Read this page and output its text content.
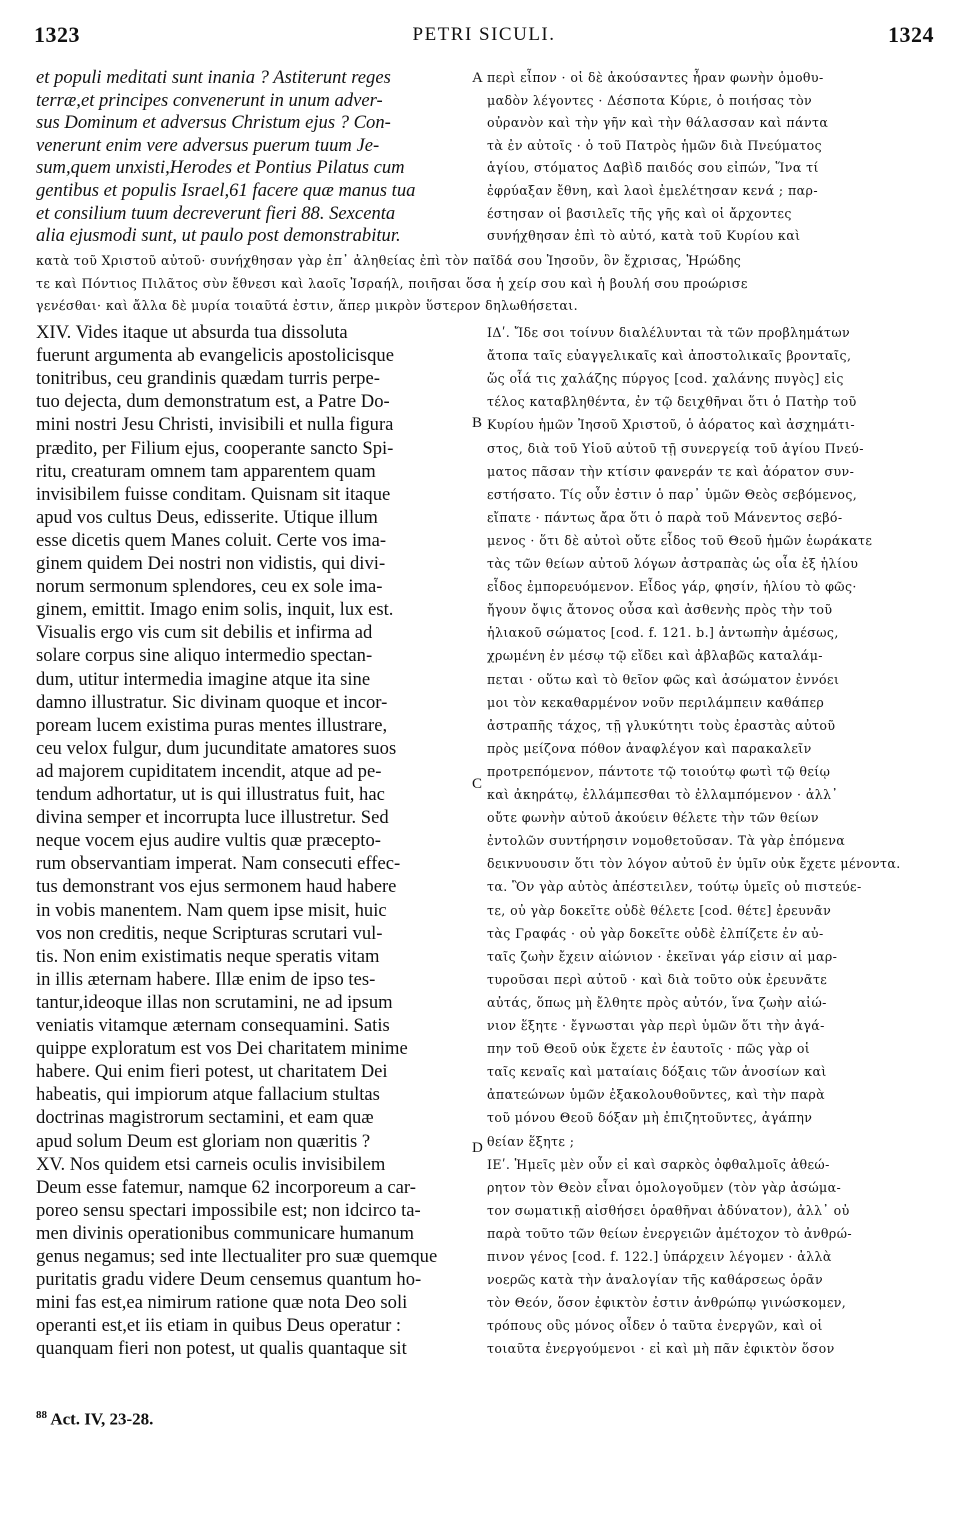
1323	PETRI SICULI.	1324
et populi meditati sunt inania ? Astiterunt reges
terræ,et principes convenerunt in unum adver-
sus Dominum et adversus Christum ejus ? Con-
venerunt enim vere adversus puerum tuum Je-
sum,quem unxisti,Herodes et Pontius Pilatus cum
gentibus et populis Israel,61 facere quæ manus tua
et consilium tuum decreverunt fieri 88. Sexcenta
alia ejusmodi sunt, ut paulo post demonstrabitur.
περὶ εἶπον · οἱ δὲ ἀκούσαντες ἦραν φωνὴν ὁμοθυ-
μαδὸν λέγοντες · Δέσποτα Κύριε, ὁ ποιήσας τὸν
οὐρανὸν καὶ τὴν γῆν καὶ τὴν θάλασσαν καὶ πάντα
τὰ ἐν αὐτοῖς · ὁ τοῦ Πατρὸς ἡμῶν διὰ Πνεύματος
ἁγίου, στόματος Δαβὶδ παιδός σου εἰπών, Ἵνα τί
ἐφρύαξαν ἔθνη, καὶ λαοὶ ἐμελέτησαν κενά ; παρ-
έστησαν οἱ βασιλεῖς τῆς γῆς καὶ οἱ ἄρχοντες
συνήχθησαν ἐπὶ τὸ αὐτό, κατὰ τοῦ Κυρίου καὶ
κατὰ τοῦ Χριστοῦ αὐτοῦ· συνήχθησαν γὰρ ἐπ᾽ ἀληθείας ἐπὶ τὸν παῖδά σου Ἰησοῦν, ὃν ἔχρισας, Ἡρώδης
τε καὶ Πόντιος Πιλᾶτος σὺν ἔθνεσι καὶ λαοῖς Ἰσραήλ, ποιῆσαι ὅσα ἡ χείρ σου καὶ ἡ βουλή σου προώρισε
γενέσθαι· καὶ ἄλλα δὲ μυρία τοιαῦτά ἐστιν, ἅπερ μικρὸν ὕστερον δηλωθήσεται.
XIV. Vides itaque ut absurda tua dissoluta
fuerunt argumenta ab evangelicis apostolicisque
tonitribus, ceu grandinis quædam turris perpe-
tuo dejecta, dum demonstratum est, a Patre Do-
mini nostri Jesu Christi, invisibili et nulla figura
prædito, per Filium ejus, cooperante sancto Spi-
ritu, creaturam omnem tam apparentem quam
invisibilem fuisse conditam. Quisnam sit itaque
apud vos cultus Deus, edisserite. Utique illum
esse dicetis quem Manes coluit. Certe vos ima-
ginem quidem Dei nostri non vidistis, qui divi-
norum sermonum splendores, ceu ex sole ima-
ginem, emittit. Imago enim solis, inquit, lux est.
Visualis ergo vis cum sit debilis et infirma ad
solare corpus sine aliquo intermedio spectan-
dum, utitur intermedia imagine atque ita sine
damno illustratur. Sic divinam quoque et incor-
poream lucem existima puras mentes illustrare,
ceu velox fulgur, dum jucunditate amatores suos
ad majorem cupiditatem incendit, atque ad pe-
tendum adhortatur, ut is qui illustratus fuit, hac
divina semper et incorrupta luce illustretur. Sed
neque vocem ejus audire vultis quæ præcepto-
rum observantiam imperat. Nam consecuti effec-
tus demonstrant vos ejus sermonem haud habere
in vobis manentem. Nam quem ipse misit, huic
vos non creditis, neque Scripturas scrutari vul-
tis. Non enim existimatis neque speratis vitam
in illis æternam habere. Illæ enim de ipso tes-
tantur,ideoque illas non scrutamini, ne ad ipsum
veniatis vitamque æternam consequamini. Satis
quippe exploratum est vos Dei charitatem minime
habere. Qui enim fieri potest, ut charitatem Dei
habeatis, qui impiorum atque fallacium stultas
doctrinas magistrorum sectamini, et eam quæ
apud solum Deum est gloriam non quæritis ?
XV. Nos quidem etsi carneis oculis invisibilem
Deum esse fatemur, namque 62 incorporeum a car-
poreo sensu spectari impossibile est; non idcirco ta-
men divinis operationibus communicare humanum
genus negamus; sed inte llectualiter pro suæ quemque
puritatis gradu videre Deum censemus quantum ho-
mini fas est,ea nimirum ratione quæ nota Deo soli
operanti est,et iis etiam in quibus Deus operatur :
quanquam fieri non potest, ut qualis quantaque sit
ΙΔʹ. Ἴδε σοι τοίνυν διαλέλυνται τὰ τῶν προβλημάτων
ἄτοπα ταῖς εὐαγγελικαῖς καὶ ἀποστολικαῖς βρονταῖς,
ὥς οἷά τις χαλάζης πύργος [cod. χαλάνης πυγὸς] εἰς
τέλος καταβληθέντα, ἐν τῷ δειχθῆναι ὅτι ὁ Πατὴρ τοῦ
Κυρίου ἡμῶν Ἰησοῦ Χριστοῦ, ὁ ἀόρατος καὶ ἀσχημάτι-
στος, διὰ τοῦ Υἱοῦ αὐτοῦ τῇ συνεργείᾳ τοῦ ἁγίου Πνεύ-
ματος πᾶσαν τὴν κτίσιν φανεράν τε καὶ ἀόρατον συν-
εστήσατο. Τίς οὖν ἐστιν ὁ παρ᾽ ὑμῶν Θεὸς σεβόμενος,
εἴπατε · πάντως ἄρα ὅτι ὁ παρὰ τοῦ Μάνεντος σεβό-
μενος · ὅτι δὲ αὐτοὶ οὔτε εἶδος τοῦ Θεοῦ ἡμῶν ἑωράκατε
τὰς τῶν θείων αὐτοῦ λόγων ἀστραπὰς ὡς οἷα ἐξ ἡλίου
εἶδος ἐμπορευόμενον. Εἶδος γάρ, φησίν, ἡλίου τὸ φῶς·
ἤγουν ὄψις ἄτονος οὖσα καὶ ἀσθενὴς πρὸς τὴν τοῦ
ἡλιακοῦ σώματος [cod. f. 121. b.] ἀντωπὴν ἀμέσως,
χρωμένη ἐν μέσῳ τῷ εἴδει καὶ ἀβλαβῶς καταλάμ-
πεται · οὕτω καὶ τὸ θεῖον φῶς καὶ ἀσώματον ἐννόει
μοι τὸν κεκαθαρμένον νοῦν περιλάμπειν καθάπερ
ἀστραπῆς τάχος, τῇ γλυκύτητι τοὺς ἐραστὰς αὐτοῦ
πρὸς μείζονα πόθον ἀναφλέγον καὶ παρακαλεῖν
προτρεπόμενον, πάντοτε τῷ τοιούτῳ φωτὶ τῷ θείῳ
καὶ ἀκηράτῳ, ἐλλάμπεσθαι τὸ ἐλλαμπόμενον · ἀλλ᾽
οὔτε φωνὴν αὐτοῦ ἀκούειν θέλετε τὴν τῶν θείων
ἐντολῶν συντήρησιν νομοθετοῦσαν. Τὰ γὰρ ἑπόμενα
δεικνυουσιν ὅτι τὸν λόγον αὐτοῦ ἐν ὑμῖν οὐκ ἔχετε μένοντα.
τα. Ὃν γὰρ αὐτὸς ἀπέστειλεν, τούτῳ ὑμεῖς οὐ πιστεύε-
τε, οὐ γὰρ δοκεῖτε οὐδὲ θέλετε [cod. θέτε] ἐρευνᾶν
τὰς Γραφάς · οὐ γὰρ δοκεῖτε οὐδὲ ἐλπίζετε ἐν αὐ-
ταῖς ζωὴν ἔχειν αἰώνιον · ἐκεῖναι γάρ εἰσιν αἱ μαρ-
τυροῦσαι περὶ αὐτοῦ · καὶ διὰ τοῦτο οὐκ ἐρευνᾶτε
αὐτάς, ὅπως μὴ ἔλθητε πρὸς αὐτόν, ἵνα ζωὴν αἰώ-
νιον ἕξητε · ἔγνωσται γὰρ περὶ ὑμῶν ὅτι τὴν ἀγά-
πην τοῦ Θεοῦ οὐκ ἔχετε ἐν ἑαυτοῖς · πῶς γὰρ οἱ
ταῖς κεναῖς καὶ ματαίαις δόξαις τῶν ἀνοσίων καὶ
ἀπατεώνων ὑμῶν ἐξακολουθοῦντες, καὶ τὴν παρὰ
τοῦ μόνου Θεοῦ δόξαν μὴ ἐπιζητοῦντες, ἀγάπην
θείαν ἕξητε ;
ΙΕʹ. Ἡμεῖς μὲν οὖν εἰ καὶ σαρκὸς ὀφθαλμοῖς ἀθεώ-
ρητον τὸν Θεὸν εἶναι ὁμολογοῦμεν (τὸν γὰρ ἀσώμα-
τον σωματικῇ αἰσθήσει ὁραθῆναι ἀδύνατον), ἀλλ᾽ οὐ
παρὰ τοῦτο τῶν θείων ἐνεργειῶν ἀμέτοχον τὸ ἀνθρώ-
πινον γένος [cod. f. 122.] ὑπάρχειν λέγομεν · ἀλλὰ
νοερῶς κατὰ τὴν ἀναλογίαν τῆς καθάρσεως ὁρᾶν
τὸν Θεόν, ὅσον ἐφικτὸν ἐστιν ἀνθρώπῳ γινώσκομεν,
τρόπους οὓς μόνος οἶδεν ὁ ταῦτα ἐνεργῶν, καὶ οἱ
τοιαῦτα ἐνεργούμενοι · εἰ καὶ μὴ πᾶν ἐφικτὸν ὅσον
A
B
C
D
$^{88}$ Act. IV, 23-28.
